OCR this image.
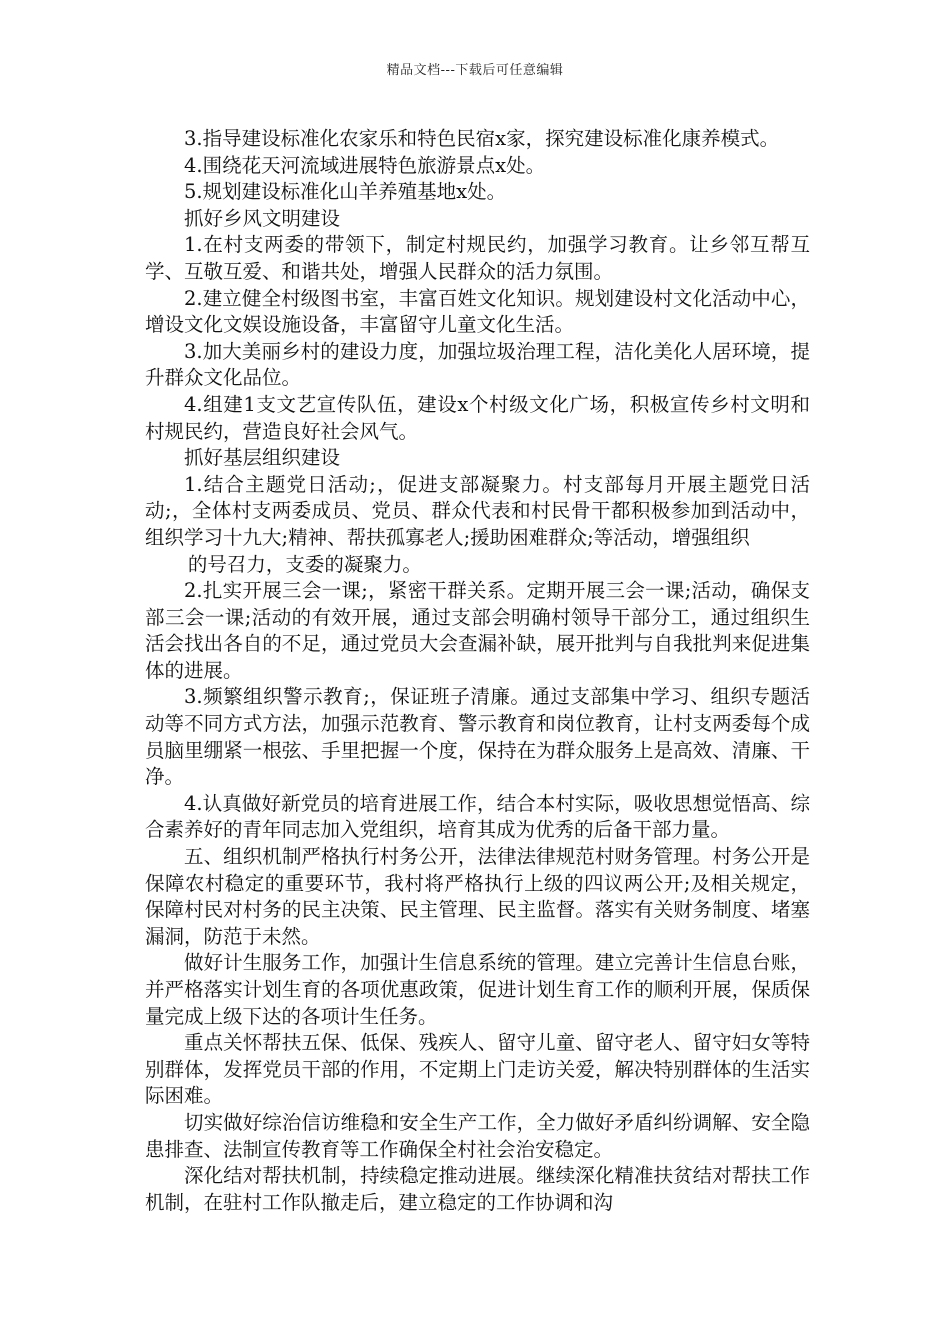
精品文档---下载后可任意编辑

3.指导建设标准化农家乐和特色民宿x家，探究建设标准化康养模式。

4.围绕花天河流域进展特色旅游景点x处。

5.规划建设标准化山羊养殖基地x处。

抓好乡风文明建设

1.在村支两委的带领下，制定村规民约，加强学习教育。让乡邻互帮互学、互敬互爱、和谐共处，增强人民群众的活力氛围。

2.建立健全村级图书室，丰富百姓文化知识。规划建设村文化活动中心，增设文化文娱设施设备，丰富留守儿童文化生活。

3.加大美丽乡村的建设力度，加强垃圾治理工程，洁化美化人居环境，提升群众文化品位。

4.组建1支文艺宣传队伍，建设x个村级文化广场，积极宣传乡村文明和村规民约，营造良好社会风气。

抓好基层组织建设

1.结合主题党日活动;，促进支部凝聚力。村支部每月开展主题党日活动;，全体村支两委成员、党员、群众代表和村民骨干都积极参加到活动中，组织学习十九大;精神、帮扶孤寡老人;援助困难群众;等活动，增强组织

的号召力，支委的凝聚力。

2.扎实开展三会一课;，紧密干群关系。定期开展三会一课;活动，确保支部三会一课;活动的有效开展，通过支部会明确村领导干部分工，通过组织生活会找出各自的不足，通过党员大会查漏补缺，展开批判与自我批判来促进集体的进展。

3.频繁组织警示教育;，保证班子清廉。通过支部集中学习、组织专题活动等不同方式方法，加强示范教育、警示教育和岗位教育，让村支两委每个成员脑里绷紧一根弦、手里把握一个度，保持在为群众服务上是高效、清廉、干净。

4.认真做好新党员的培育进展工作，结合本村实际，吸收思想觉悟高、综合素养好的青年同志加入党组织，培育其成为优秀的后备干部力量。

五、组织机制严格执行村务公开，法律法律规范村财务管理。村务公开是保障农村稳定的重要环节，我村将严格执行上级的四议两公开;及相关规定，保障村民对村务的民主决策、民主管理、民主监督。落实有关财务制度、堵塞漏洞，防范于未然。

做好计生服务工作，加强计生信息系统的管理。建立完善计生信息台账，并严格落实计划生育的各项优惠政策，促进计划生育工作的顺利开展，保质保量完成上级下达的各项计生任务。

重点关怀帮扶五保、低保、残疾人、留守儿童、留守老人、留守妇女等特别群体，发挥党员干部的作用，不定期上门走访关爱，解决特别群体的生活实际困难。

切实做好综治信访维稳和安全生产工作，全力做好矛盾纠纷调解、安全隐患排查、法制宣传教育等工作确保全村社会治安稳定。

深化结对帮扶机制，持续稳定推动进展。继续深化精准扶贫结对帮扶工作机制，在驻村工作队撤走后，建立稳定的工作协调和沟
